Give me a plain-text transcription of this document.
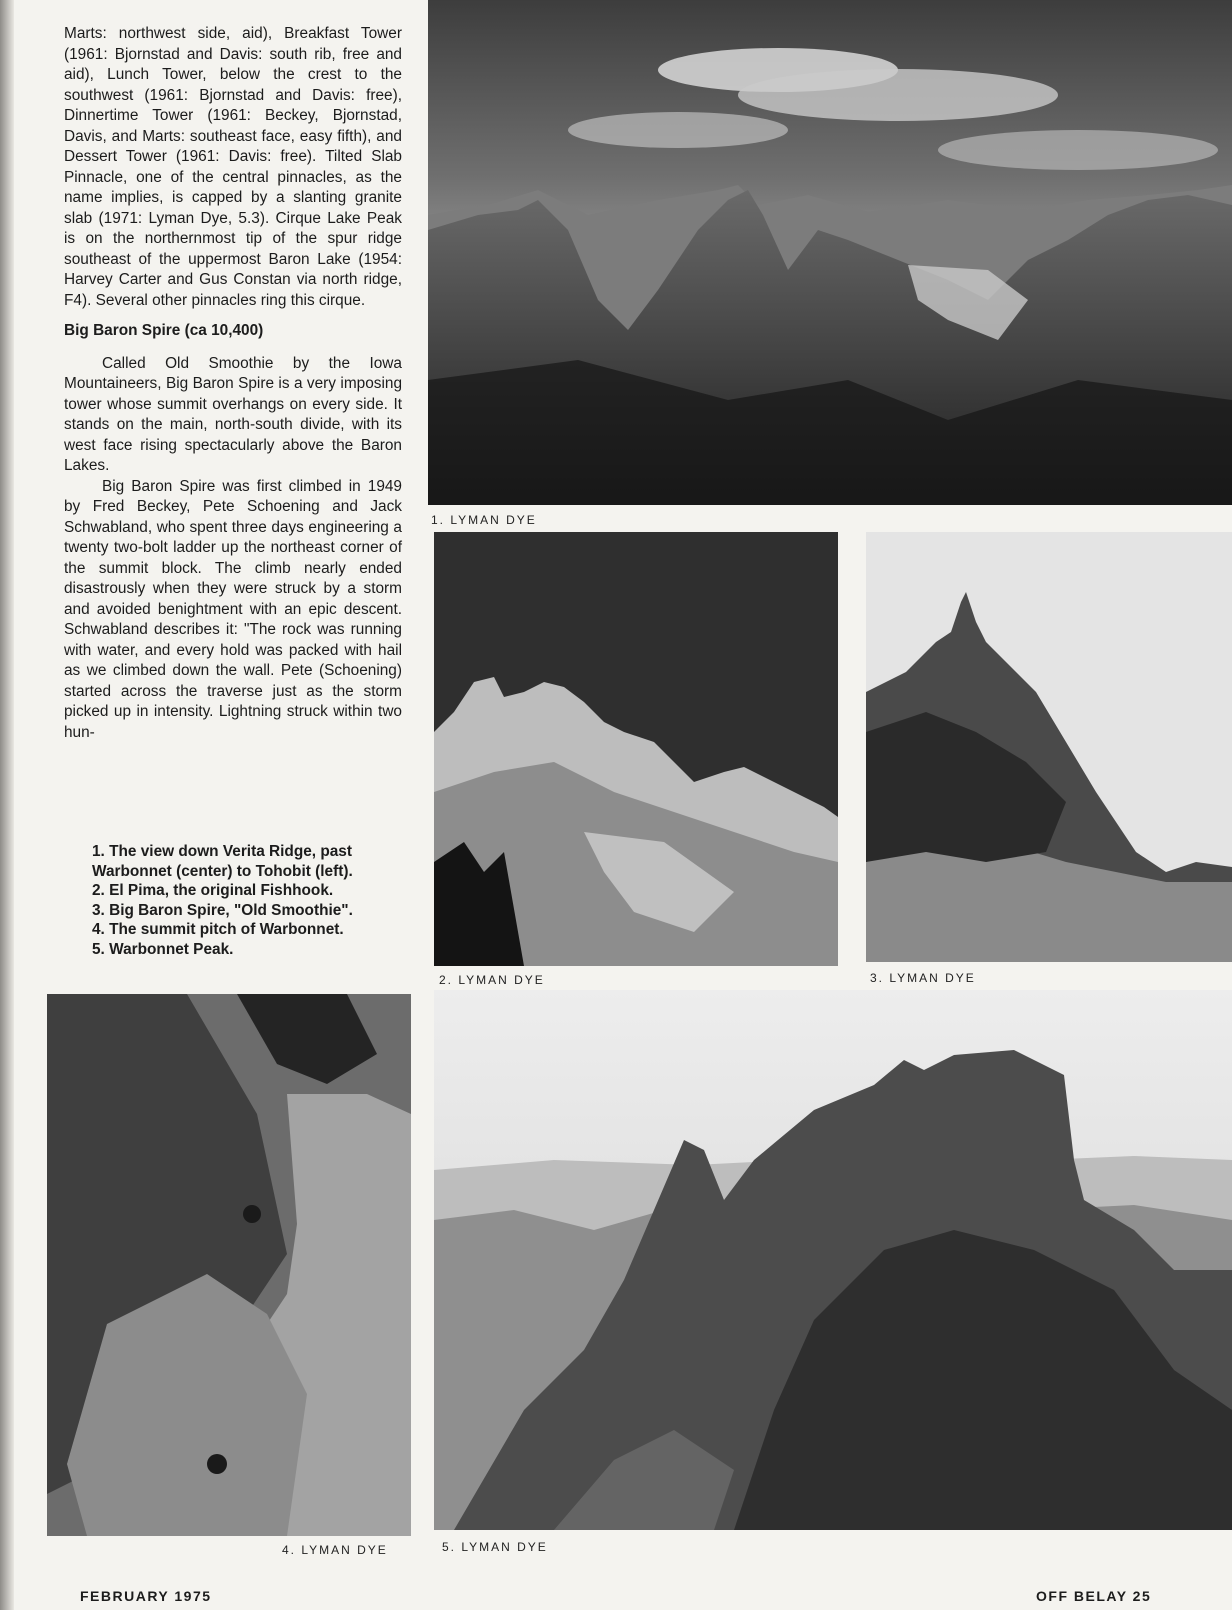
Marts: northwest side, aid), Breakfast Tower (1961: Bjornstad and Davis: south rib, free and aid), Lunch Tower, below the crest to the southwest (1961: Bjornstad and Davis: free), Dinnertime Tower (1961: Beckey, Bjornstad, Davis, and Marts: southeast face, easy fifth), and Dessert Tower (1961: Davis: free). Tilted Slab Pinnacle, one of the central pinnacles, as the name implies, is capped by a slanting granite slab (1971: Lyman Dye, 5.3). Cirque Lake Peak is on the northernmost tip of the spur ridge southeast of the uppermost Baron Lake (1954: Harvey Carter and Gus Constan via north ridge, F4). Several other pinnacles ring this cirque.

Big Baron Spire (ca 10,400)

Called Old Smoothie by the Iowa Mountaineers, Big Baron Spire is a very imposing tower whose summit overhangs on every side. It stands on the main, north-south divide, with its west face rising spectacularly above the Baron Lakes.

Big Baron Spire was first climbed in 1949 by Fred Beckey, Pete Schoening and Jack Schwabland, who spent three days engineering a twenty two-bolt ladder up the northeast corner of the summit block. The climb nearly ended disastrously when they were struck by a storm and avoided benightment with an epic descent. Schwabland describes it: "The rock was running with water, and every hold was packed with hail as we climbed down the wall. Pete (Schoening) started across the traverse just as the storm picked up in intensity. Lightning struck within two hun-

1. The view down Verita Ridge, past Warbonnet (center) to Tohobit (left).
2. El Pima, the original Fishhook.
3. Big Baron Spire, "Old Smoothie".
4. The summit pitch of Warbonnet.
5. Warbonnet Peak.
1. LYMAN DYE
2. LYMAN DYE	3. LYMAN DYE
4. LYMAN DYE	5. LYMAN DYE
FEBRUARY 1975	OFF BELAY 25
